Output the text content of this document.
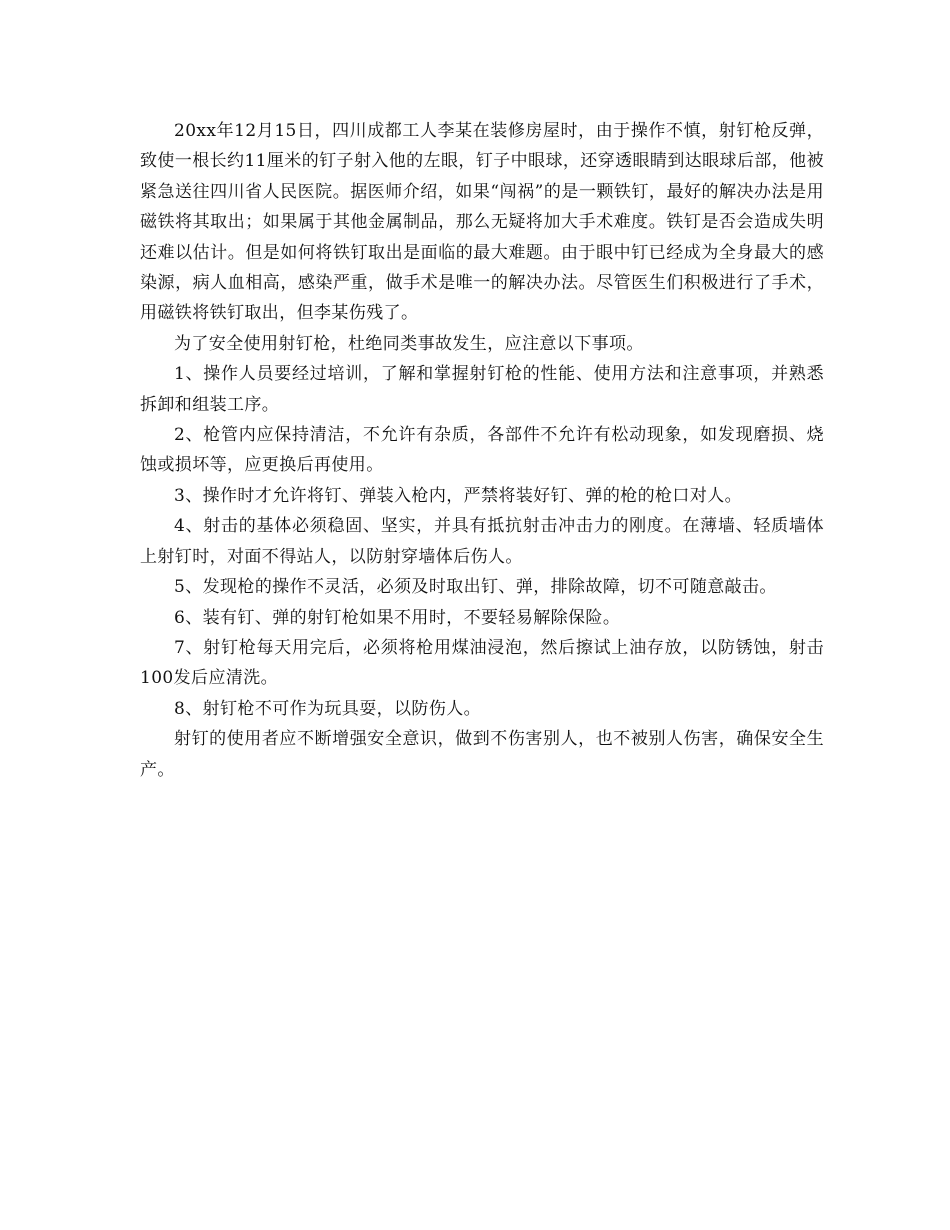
20xx年12月15日，四川成都工人李某在装修房屋时，由于操作不慎，射钉枪反弹，致使一根长约11厘米的钉子射入他的左眼，钉子中眼球，还穿透眼睛到达眼球后部，他被紧急送往四川省人民医院。据医师介绍，如果“闯祸”的是一颗铁钉，最好的解决办法是用磁铁将其取出；如果属于其他金属制品，那么无疑将加大手术难度。铁钉是否会造成失明还难以估计。但是如何将铁钉取出是面临的最大难题。由于眼中钉已经成为全身最大的感染源，病人血相高，感染严重，做手术是唯一的解决办法。尽管医生们积极进行了手术，用磁铁将铁钉取出，但李某伤残了。

为了安全使用射钉枪，杜绝同类事故发生，应注意以下事项。

1、操作人员要经过培训，了解和掌握射钉枪的性能、使用方法和注意事项，并熟悉拆卸和组装工序。

2、枪管内应保持清洁，不允许有杂质，各部件不允许有松动现象，如发现磨损、烧蚀或损坏等，应更换后再使用。

3、操作时才允许将钉、弹装入枪内，严禁将装好钉、弹的枪的枪口对人。

4、射击的基体必须稳固、坚实，并具有抵抗射击冲击力的刚度。在薄墙、轻质墙体上射钉时，对面不得站人，以防射穿墙体后伤人。

5、发现枪的操作不灵活，必须及时取出钉、弹，排除故障，切不可随意敲击。

6、装有钉、弹的射钉枪如果不用时，不要轻易解除保险。

7、射钉枪每天用完后，必须将枪用煤油浸泡，然后擦试上油存放，以防锈蚀，射击100发后应清洗。

8、射钉枪不可作为玩具耍，以防伤人。

射钉的使用者应不断增强安全意识，做到不伤害别人，也不被别人伤害，确保安全生产。
